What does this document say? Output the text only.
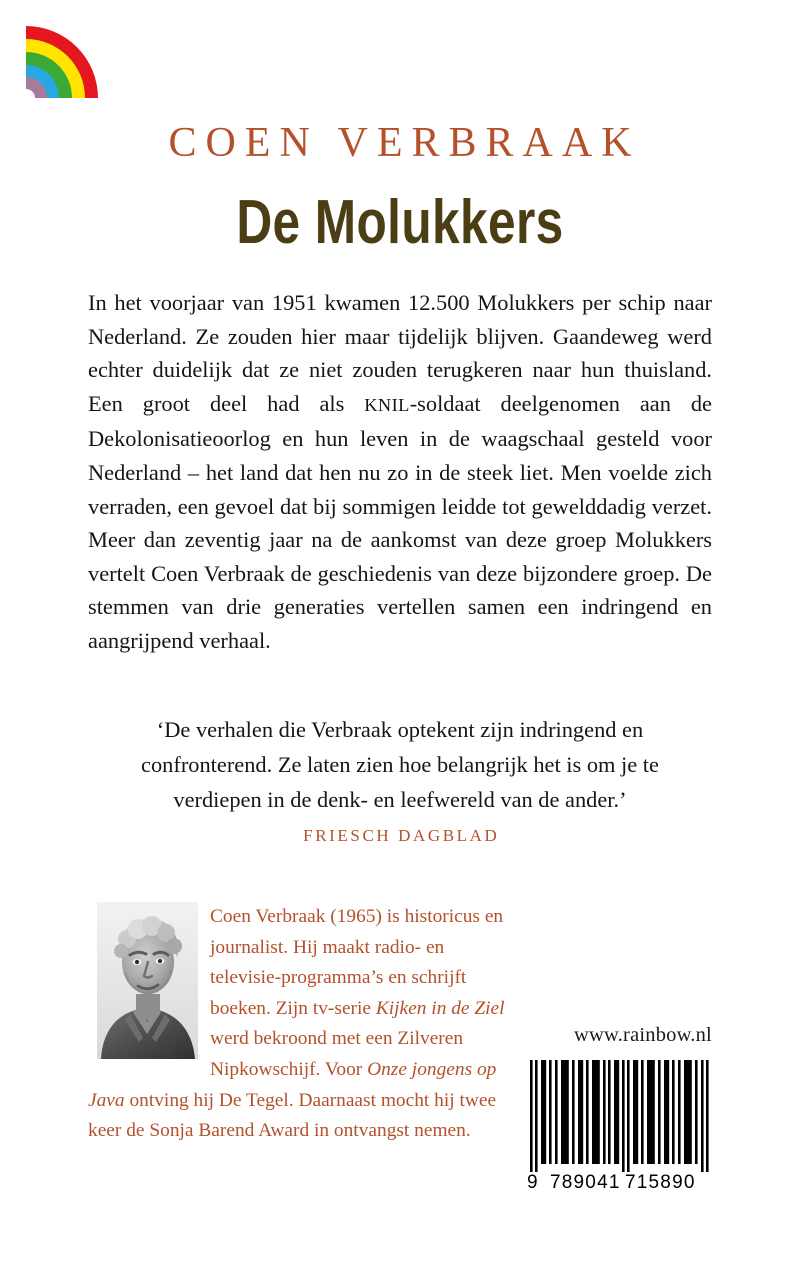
COEN VERBRAAK
De Molukkers
In het voorjaar van 1951 kwamen 12.500 Molukkers per schip naar Nederland. Ze zouden hier maar tijdelijk blijven. Gaandeweg werd echter duidelijk dat ze niet zouden terugkeren naar hun thuisland. Een groot deel had als KNIL-soldaat deelgenomen aan de Dekolonisatieoorlog en hun leven in de waagschaal gesteld voor Nederland – het land dat hen nu zo in de steek liet. Men voelde zich verraden, een gevoel dat bij sommigen leidde tot gewelddadig verzet. Meer dan zeventig jaar na de aankomst van deze groep Molukkers vertelt Coen Verbraak de geschiedenis van deze bijzondere groep. De stemmen van drie generaties vertellen samen een indringend en aangrijpend verhaal.
‘De verhalen die Verbraak optekent zijn indringend en confronterend. Ze laten zien hoe belangrijk het is om je te verdiepen in de denk- en leefwereld van de ander.’
FRIESCH DAGBLAD
Coen Verbraak (1965) is historicus en journalist. Hij maakt radio- en televisie-programma’s en schrijft boeken. Zijn tv-serie Kijken in de Ziel werd bekroond met een Zilveren Nipkowschijf. Voor Onze jongens op Java ontving hij De Tegel. Daarnaast mocht hij twee keer de Sonja Barend Award in ontvangst nemen.
www.rainbow.nl
9 789041 715890
